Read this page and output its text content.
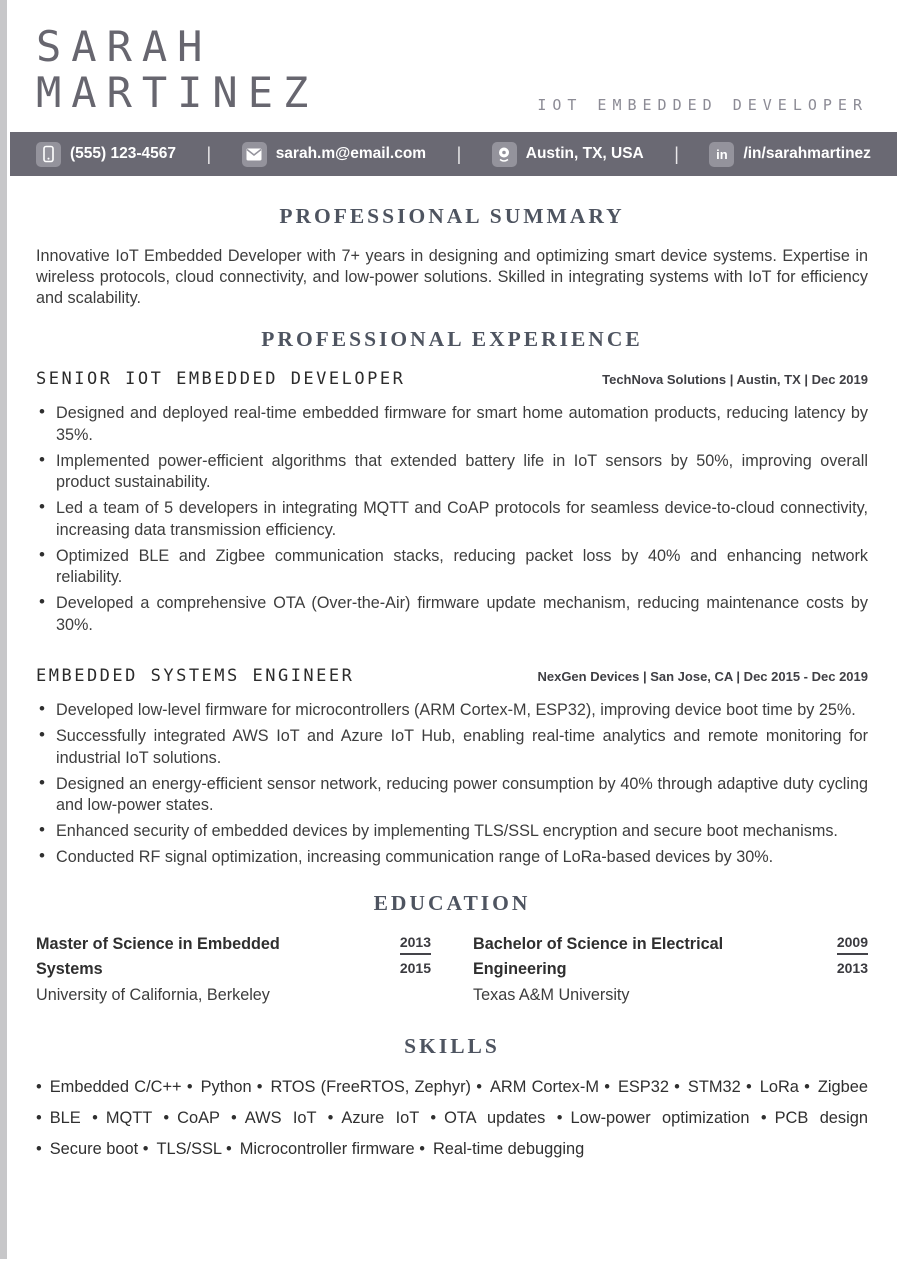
SARAH
MARTINEZ	IOT EMBEDDED DEVELOPER
(555) 123-4567 |	sarah.m@email.com |	Austin, TX, USA |	in /in/sarahmartinez
PROFESSIONAL SUMMARY

Innovative IoT Embedded Developer with 7+ years in designing and optimizing smart device systems. Expertise in wireless protocols, cloud connectivity, and low-power solutions. Skilled in integrating systems with IoT for efficiency and scalability.

PROFESSIONAL EXPERIENCE
SENIOR IOT EMBEDDED DEVELOPER	TechNova Solutions | Austin, TX | Dec 2019
• Designed and deployed real-time embedded firmware for smart home automation products, reducing latency by 35%.
• Implemented power-efficient algorithms that extended battery life in IoT sensors by 50%, improving overall product sustainability.
• Led a team of 5 developers in integrating MQTT and CoAP protocols for seamless device-to-cloud connectivity, increasing data transmission efficiency.
• Optimized BLE and Zigbee communication stacks, reducing packet loss by 40% and enhancing network reliability.
• Developed a comprehensive OTA (Over-the-Air) firmware update mechanism, reducing maintenance costs by 30%.
EMBEDDED SYSTEMS ENGINEER	NexGen Devices | San Jose, CA | Dec 2015 - Dec 2019
• Developed low-level firmware for microcontrollers (ARM Cortex-M, ESP32), improving device boot time by 25%.
• Successfully integrated AWS IoT and Azure IoT Hub, enabling real-time analytics and remote monitoring for industrial IoT solutions.
• Designed an energy-efficient sensor network, reducing power consumption by 40% through adaptive duty cycling and low-power states.
• Enhanced security of embedded devices by implementing TLS/SSL encryption and secure boot mechanisms.
• Conducted RF signal optimization, increasing communication range of LoRa-based devices by 30%.
EDUCATION
Master of Science in Embedded Systems
2013
2015
University of California, Berkeley
Bachelor of Science in Electrical Engineering
2009
2013
Texas A&M University
SKILLS
• Embedded C/C++ • Python • RTOS (FreeRTOS, Zephyr) • ARM Cortex-M • ESP32 • STM32 • LoRa • Zigbee • BLE • MQTT • CoAP • AWS IoT • Azure IoT • OTA updates • Low-power optimization • PCB design • Secure boot • TLS/SSL • Microcontroller firmware • Real-time debugging
